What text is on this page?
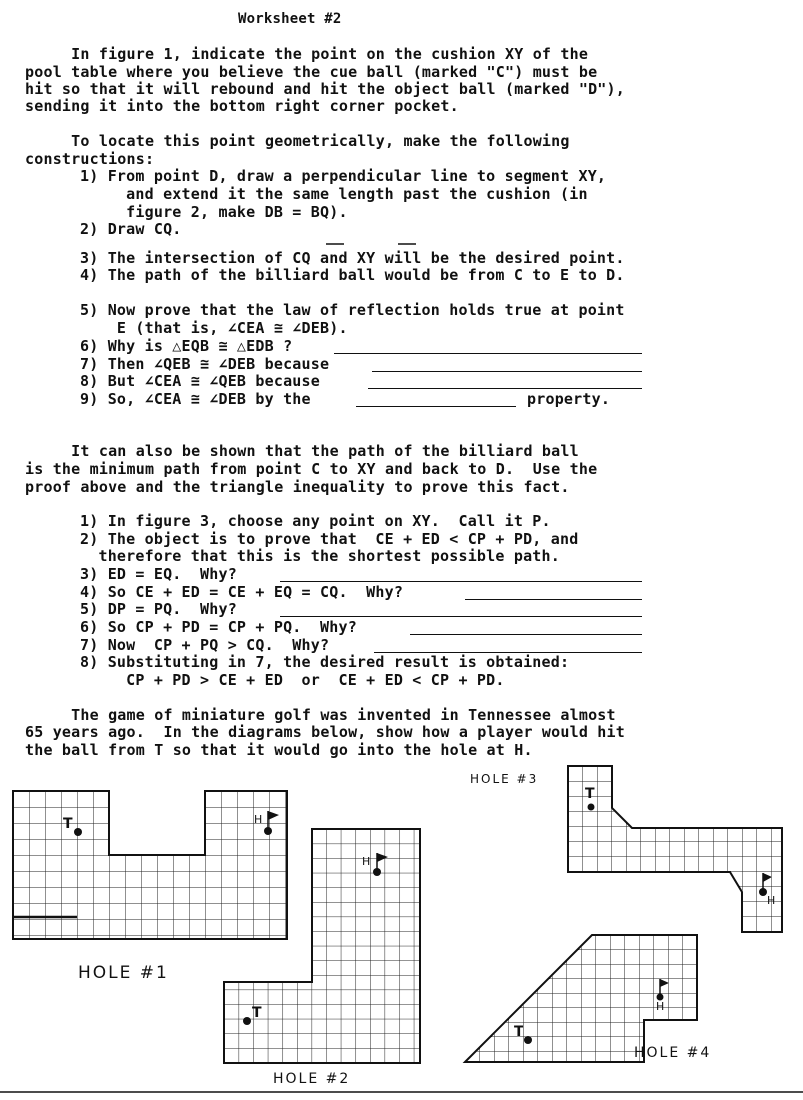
Worksheet #2
In figure 1, indicate the point on the cushion XY of the
pool table where you believe the cue ball (marked "C") must be
hit so that it will rebound and hit the object ball (marked "D"),
sending it into the bottom right corner pocket.
To locate this point geometrically, make the following
constructions:
1) From point D, draw a perpendicular line to segment XY,
and extend it the same length past the cushion (in
figure 2, make DB = BQ).
2) Draw CQ.
3) The intersection of CQ and XY will be the desired point.
4) The path of the billiard ball would be from C to E to D.
5) Now prove that the law of reflection holds true at point
E (that is, ∠CEA ≅ ∠DEB).
6) Why is △EQB ≅ △EDB ?
7) Then ∠QEB ≅ ∠DEB because
8) But ∠CEA ≅ ∠QEB because
9) So, ∠CEA ≅ ∠DEB by the	property.
It can also be shown that the path of the billiard ball
is the minimum path from point C to XY and back to D.  Use the
proof above and the triangle inequality to prove this fact.
1) In figure 3, choose any point on XY.  Call it P.
2) The object is to prove that  CE + ED < CP + PD, and
therefore that this is the shortest possible path.
3) ED = EQ.  Why?
4) So CE + ED = CE + EQ = CQ.  Why?
5) DP = PQ.  Why?
6) So CP + PD = CP + PQ.  Why?
7) Now  CP + PQ > CQ.  Why?
8) Substituting in 7, the desired result is obtained:
CP + PD > CE + ED  or  CE + ED < CP + PD.
The game of miniature golf was invented in Tennessee almost
65 years ago.  In the diagrams below, show how a player would hit
the ball from T so that it would go into the hole at H.
T	H
T
H
T
H
T
H
HOLE #1
HOLE #2
HOLE #3
HOLE #4
